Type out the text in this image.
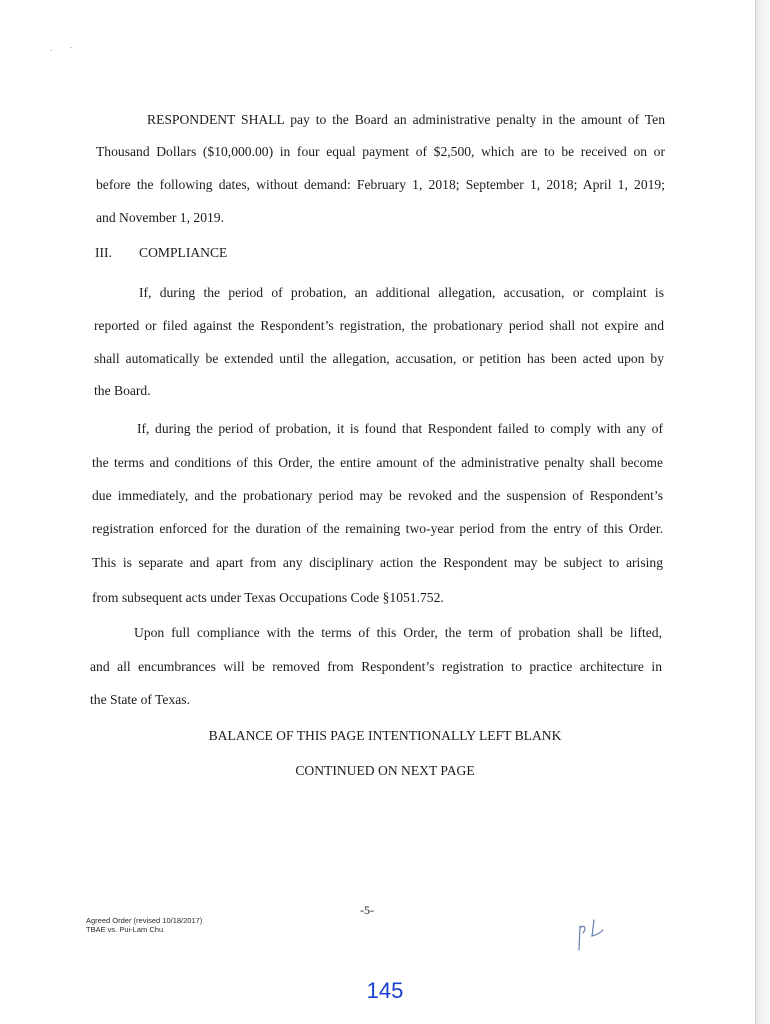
RESPONDENT SHALL pay to the Board an administrative penalty in the amount of Ten
Thousand Dollars ($10,000.00) in four equal payment of $2,500, which are to be received on or
before the following dates, without demand: February 1, 2018; September 1, 2018; April 1, 2019;
and November 1, 2019.
III. COMPLIANCE
If, during the period of probation, an additional allegation, accusation, or complaint is
reported or filed against the Respondent’s registration, the probationary period shall not expire and
shall automatically be extended until the allegation, accusation, or petition has been acted upon by
the Board.
If, during the period of probation, it is found that Respondent failed to comply with any of
the terms and conditions of this Order, the entire amount of the administrative penalty shall become
due immediately, and the probationary period may be revoked and the suspension of Respondent’s
registration enforced for the duration of the remaining two-year period from the entry of this Order.
This is separate and apart from any disciplinary action the Respondent may be subject to arising
from subsequent acts under Texas Occupations Code §1051.752.
Upon full compliance with the terms of this Order, the term of probation shall be lifted,
and all encumbrances will be removed from Respondent’s registration to practice architecture in
the State of Texas.
BALANCE OF THIS PAGE INTENTIONALLY LEFT BLANK
CONTINUED ON NEXT PAGE
-5-
Agreed Order (revised 10/18/2017)
TBAE vs. Pui-Lam Chu
145
